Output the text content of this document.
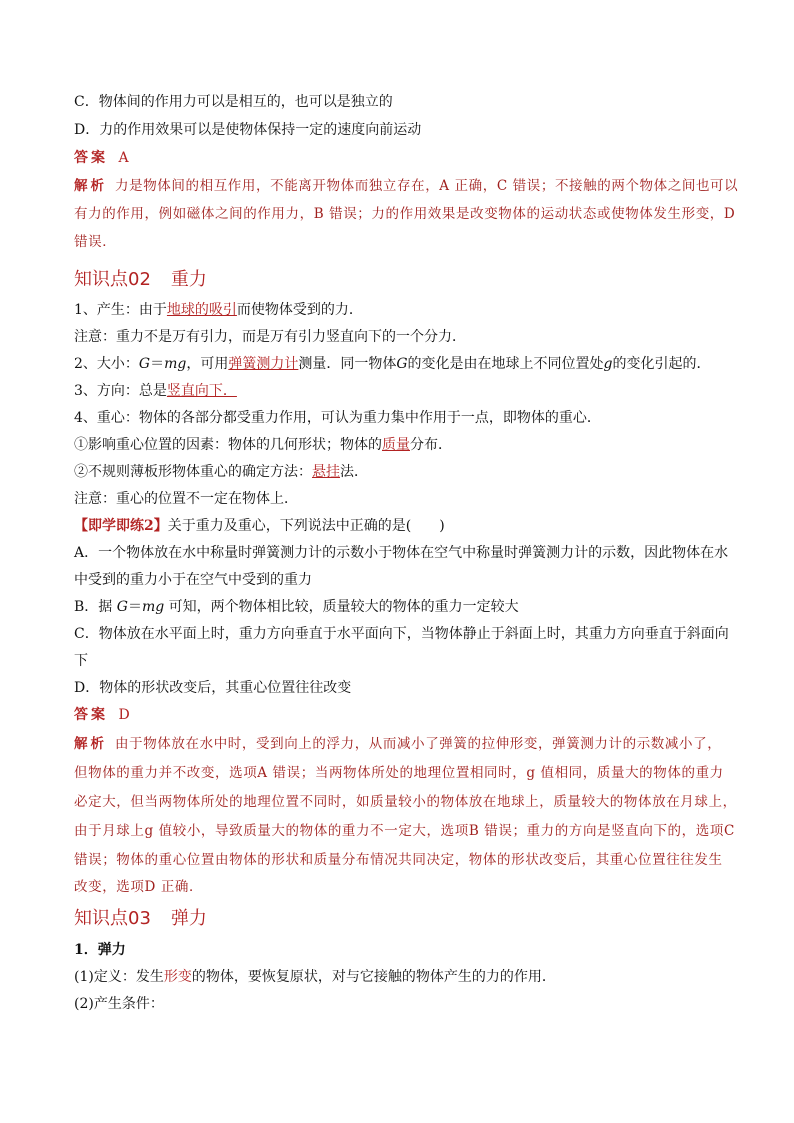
C．物体间的作用力可以是相互的，也可以是独立的
D．力的作用效果可以是使物体保持一定的速度向前运动
答案 A
解析 力是物体间的相互作用，不能离开物体而独立存在，A 正确，C 错误；不接触的两个物体之间也可以
有力的作用，例如磁体之间的作用力，B 错误；力的作用效果是改变物体的运动状态或使物体发生形变，D
错误．
知识点02 重力
1、产生：由于地球的吸引而使物体受到的力．
注意：重力不是万有引力，而是万有引力竖直向下的一个分力．
2、大小：G＝mg，可用弹簧测力计测量．同一物体G的变化是由在地球上不同位置处g的变化引起的．
3、方向：总是竖直向下．
4、重心：物体的各部分都受重力作用，可认为重力集中作用于一点，即物体的重心．
①影响重心位置的因素：物体的几何形状；物体的质量分布．
②不规则薄板形物体重心的确定方法：悬挂法．
注意：重心的位置不一定在物体上．
【即学即练2】关于重力及重心，下列说法中正确的是(　　)
A．一个物体放在水中称量时弹簧测力计的示数小于物体在空气中称量时弹簧测力计的示数，因此物体在水
中受到的重力小于在空气中受到的重力
B．据 G＝mg 可知，两个物体相比较，质量较大的物体的重力一定较大
C．物体放在水平面上时，重力方向垂直于水平面向下，当物体静止于斜面上时，其重力方向垂直于斜面向
下
D．物体的形状改变后，其重心位置往往改变
答案 D
解析 由于物体放在水中时，受到向上的浮力，从而减小了弹簧的拉伸形变，弹簧测力计的示数减小了，
但物体的重力并不改变，选项A 错误；当两物体所处的地理位置相同时，g 值相同，质量大的物体的重力
必定大，但当两物体所处的地理位置不同时，如质量较小的物体放在地球上，质量较大的物体放在月球上，
由于月球上g 值较小，导致质量大的物体的重力不一定大，选项B 错误；重力的方向是竖直向下的，选项C
错误；物体的重心位置由物体的形状和质量分布情况共同决定，物体的形状改变后，其重心位置往往发生
改变，选项D 正确．
知识点03 弹力
1．弹力
(1)定义：发生形变的物体，要恢复原状，对与它接触的物体产生的力的作用．
(2)产生条件：
